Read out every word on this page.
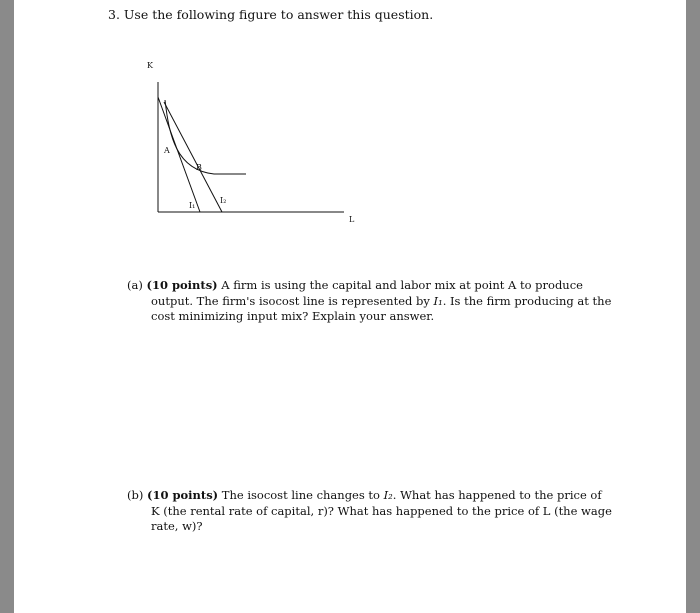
3. Use the following figure to answer this question.
K
L
A
B
I₁
I₂
(a) (10 points) A firm is using the capital and labor mix at point A to produce
output. The firm's isocost line is represented by I₁. Is the firm producing at the
cost minimizing input mix? Explain your answer.
(b) (10 points) The isocost line changes to I₂. What has happened to the price of
K (the rental rate of capital, r)? What has happened to the price of L (the wage
rate, w)?
